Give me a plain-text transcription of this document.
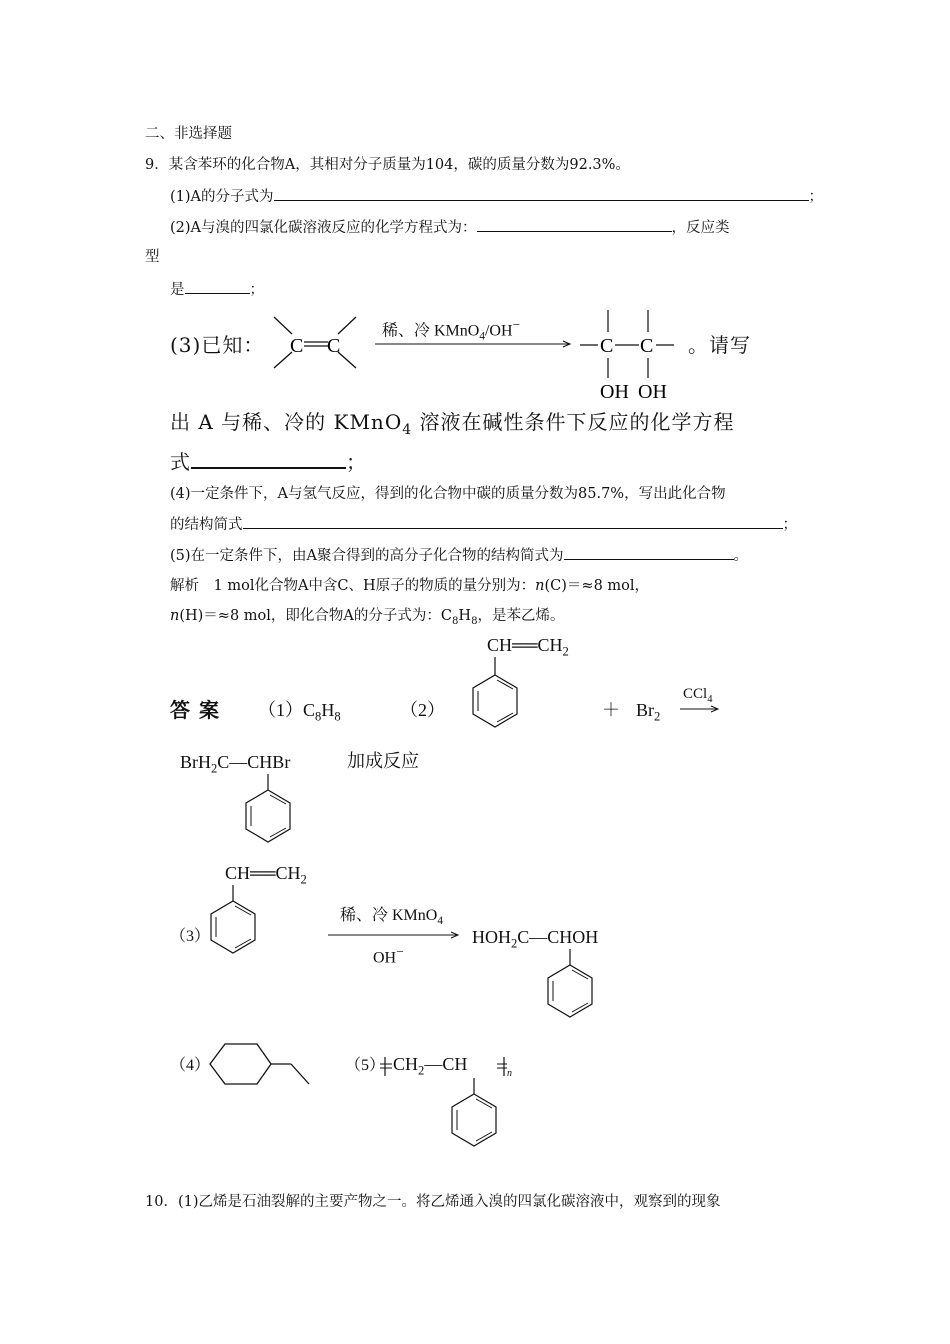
二、非选择题
9．某含苯环的化合物A，其相对分子质量为104，碳的质量分数为92.3%。
(1)A的分子式为	；
(2)A与溴的四氯化碳溶液反应的化学方程式为：	，反应类
型
是	；
(3)已知： C C
稀、冷 KMnO$_4$/OH−
C C
OH OH
。请写
出 A 与稀、冷的 KMnO$_4$ 溶液在碱性条件下反应的化学方程
式	；
(4)一定条件下，A与氢气反应，得到的化合物中碳的质量分数为85.7%，写出此化合物
的结构简式	；
(5)在一定条件下，由A聚合得到的高分子化合物的结构简式为	。
解析　1 mol化合物A中含C、H原子的物质的量分别为：n(C)＝≈8 mol，
n(H)＝≈8 mol，即化合物A的分子式为：$C_8H_8$，是苯乙烯。
$CH══CH_2$
答 案 $(1)C_8H_8$	（2）	＋ $Br_2$
CCl$_4$
BrH$_2$C—CHBr	加成反应
$CH══CH_2$
（3）
稀、冷 KMnO$_4$
OH−
$HOH_2C—CHOH$
（4）	（5） $CH_2—CH$	n
10．(1)乙烯是石油裂解的主要产物之一。将乙烯通入溴的四氯化碳溶液中，观察到的现象
